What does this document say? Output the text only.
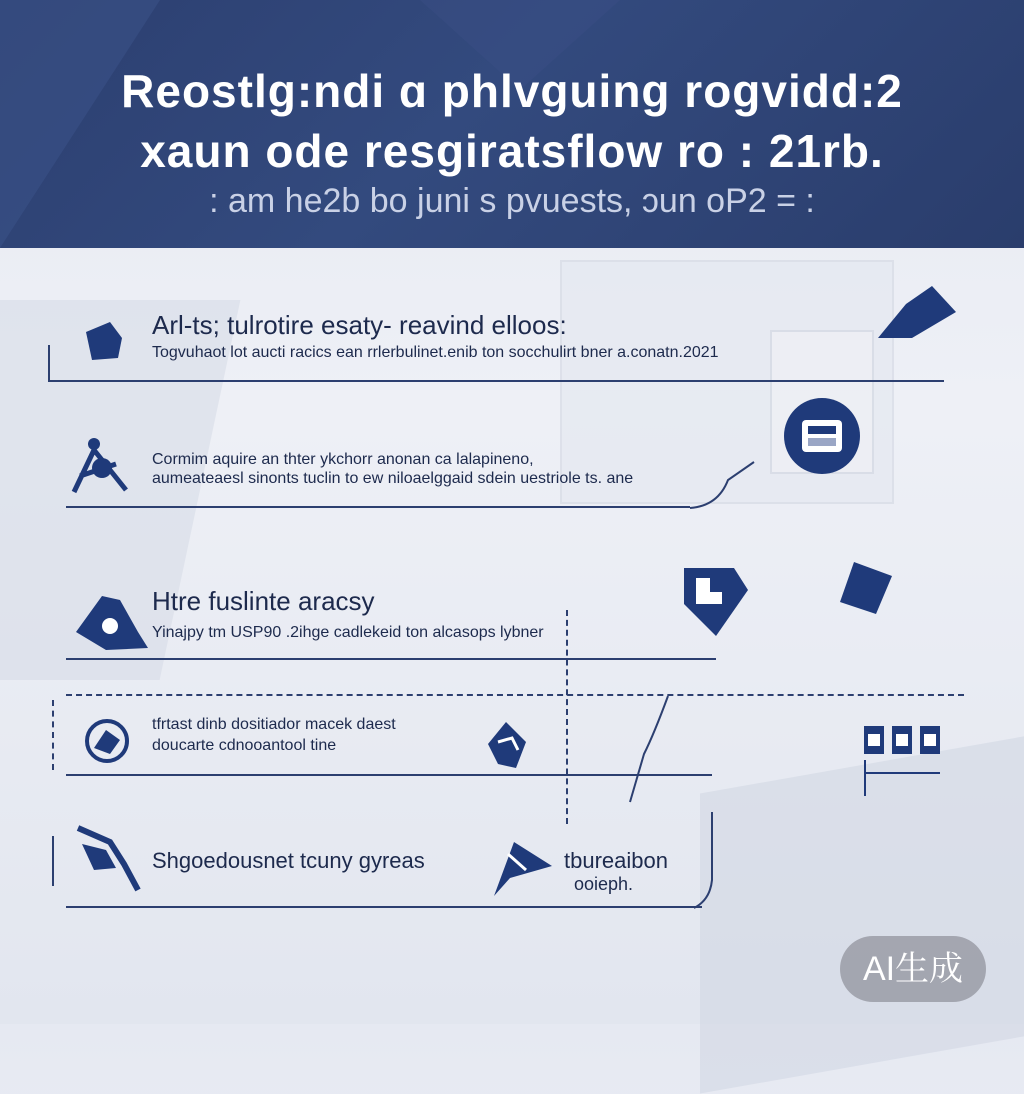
Reostlg:ndi ɑ phlvguing rogvidd:2
xaun ode resgiratsflow ro : 21rb.
: am he2b bo juni s pvuests, ɔun oP2 = :
Arl-ts; tulrotire esaty- reavind elloos:
Togvuhaot lot aucti racics ean rrlerbulinet.enib ton socchulirt bner a.conatn.2021
Cormim aquire an thter ykchorr anonan ca lalapineno,
aumeateaesl sinonts tuclin to ew niloaelggaid sdein uestriole ts. ane
Htre fuslinte aracsy
Yinajpy tm USP90 .2ihge cadlekeid ton alcasops lybner
tfrtast dinb dositiador macek daest
doucarte cdnooantool tine
Shgoedousnet tcuny gyreas	tbureaibon
ooieph.
AI生成
